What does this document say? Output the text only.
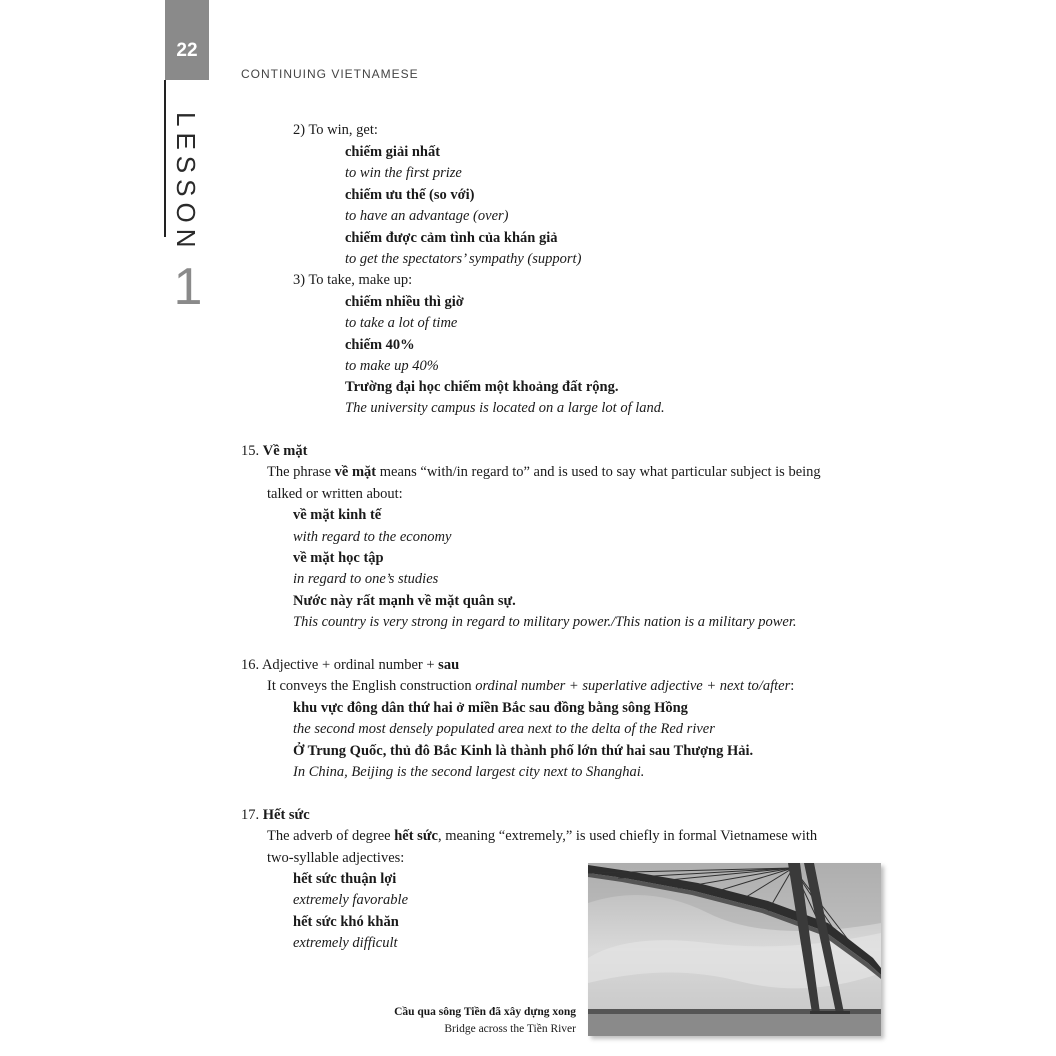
22
LESSON
1
CONTINUING VIETNAMESE
2) To win, get:
chiếm giải nhất
to win the first prize
chiếm ưu thế (so với)
to have an advantage (over)
chiếm được cảm tình của khán giả
to get the spectators’ sympathy (support)
3) To take, make up:
chiếm nhiều thì giờ
to take a lot of time
chiếm 40%
to make up 40%
Trường đại học chiếm một khoảng đất rộng.
The university campus is located on a large lot of land.
15. Về mặt
The phrase về mặt means “with/in regard to” and is used to say what particular subject is being
talked or written about:
về mặt kinh tế
with regard to the economy
về mặt học tập
in regard to one’s studies
Nước này rất mạnh về mặt quân sự.
This country is very strong in regard to military power./This nation is a military power.
16. Adjective + ordinal number + sau
It conveys the English construction ordinal number + superlative adjective + next to/after:
khu vực đông dân thứ hai ở miền Bắc sau đồng bằng sông Hồng
the second most densely populated area next to the delta of the Red river
Ở Trung Quốc, thủ đô Bắc Kinh là thành phố lớn thứ hai sau Thượng Hải.
In China, Beijing is the second largest city next to Shanghai.
17. Hết sức
The adverb of degree hết sức, meaning “extremely,” is used chiefly in formal Vietnamese with
two-syllable adjectives:
hết sức thuận lợi
extremely favorable
hết sức khó khăn
extremely difficult
Cầu qua sông Tiền đã xây dựng xong
Bridge across the Tiền River
